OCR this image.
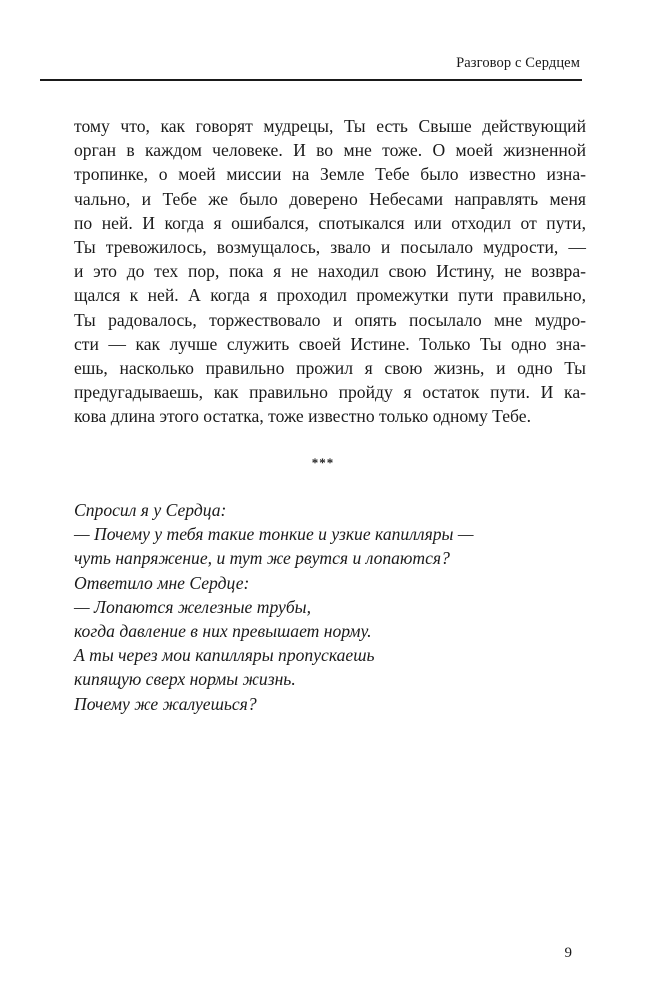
Разговор с Сердцем
тому что, как говорят мудрецы, Ты есть Свыше действующий
орган в каждом человеке. И во мне тоже. О моей жизненной
тропинке, о моей миссии на Земле Тебе было известно изна-
чально, и Тебе же было доверено Небесами направлять меня
по ней. И когда я ошибался, спотыкался или отходил от пути,
Ты тревожилось, возмущалось, звало и посылало мудрости, —
и это до тех пор, пока я не находил свою Истину, не возвра-
щался к ней. А когда я проходил промежутки пути правильно,
Ты радовалось, торжествовало и опять посылало мне мудро-
сти — как лучше служить своей Истине. Только Ты одно зна-
ешь, насколько правильно прожил я свою жизнь, и одно Ты
предугадываешь, как правильно пройду я остаток пути. И ка-
кова длина этого остатка, тоже известно только одному Тебе.
***
Спросил я у Сердца:
— Почему у тебя такие тонкие и узкие капилляры —
чуть напряжение, и тут же рвутся и лопаются?
Ответило мне Сердце:
— Лопаются железные трубы,
когда давление в них превышает норму.
А ты через мои капилляры пропускаешь
кипящую сверх нормы жизнь.
Почему же жалуешься?
9
